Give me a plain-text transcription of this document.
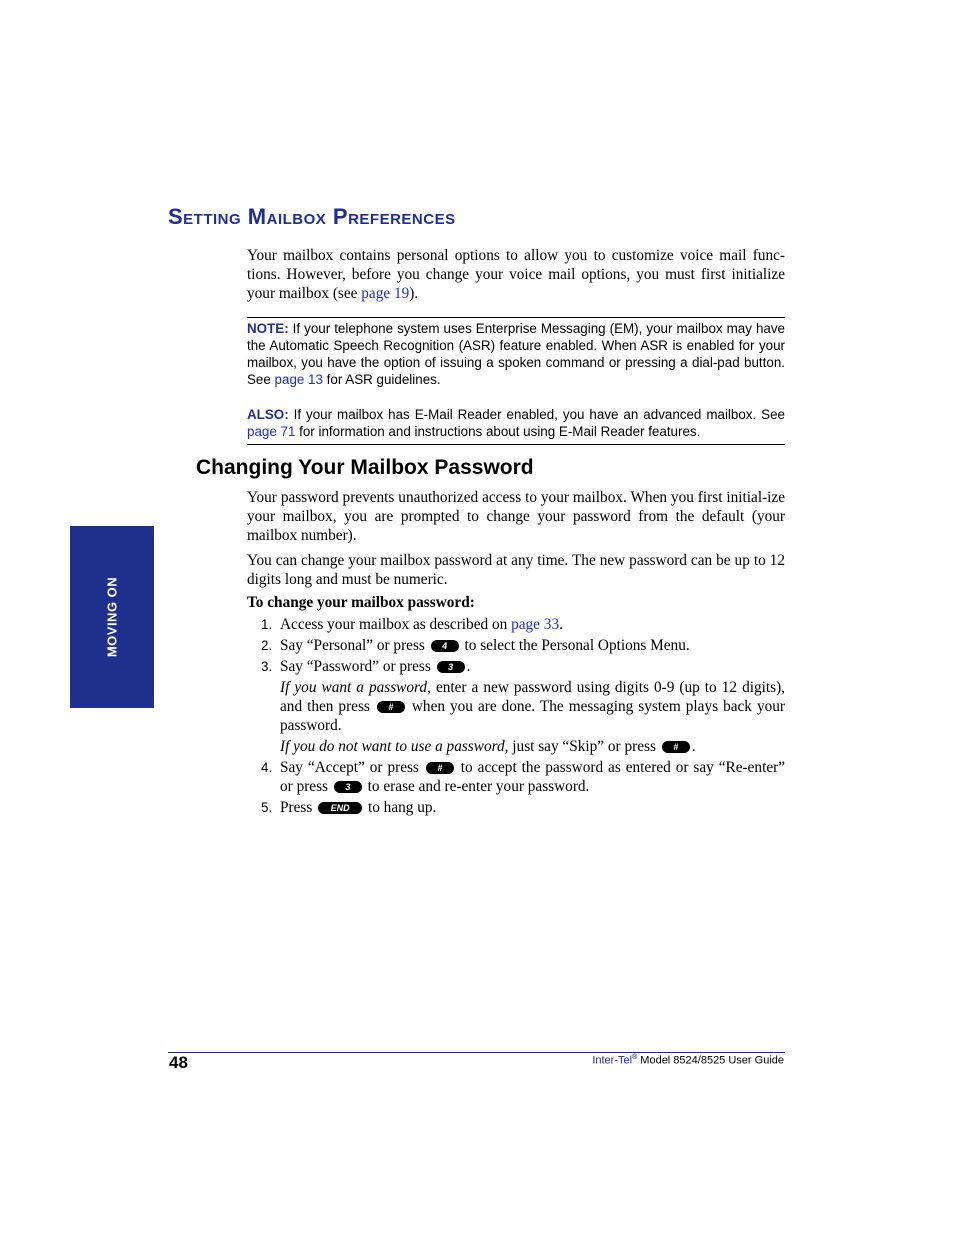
MOVING ON
Setting Mailbox Preferences

Your mailbox contains personal options to allow you to customize voice mail func-tions. However, before you change your voice mail options, you must first initialize your mailbox (see page 19).

NOTE: If your telephone system uses Enterprise Messaging (EM), your mailbox may have the Automatic Speech Recognition (ASR) feature enabled. When ASR is enabled for your mailbox, you have the option of issuing a spoken command or pressing a dial-pad button. See page 13 for ASR guidelines.

ALSO: If your mailbox has E-Mail Reader enabled, you have an advanced mailbox. See page 71 for information and instructions about using E-Mail Reader features.

Changing Your Mailbox Password

Your password prevents unauthorized access to your mailbox. When you first initial-ize your mailbox, you are prompted to change your password from the default (your mailbox number).

You can change your mailbox password at any time. The new password can be up to 12 digits long and must be numeric.

To change your mailbox password:

1. Access your mailbox as described on page 33.
2. Say “Personal” or press 4 to select the Personal Options Menu.
3. Say “Password” or press 3 .

If you want a password, enter a new password using digits 0-9 (up to 12 digits), and then press # when you are done. The messaging system plays back your password.

If you do not want to use a password, just say “Skip” or press # .

4. Say “Accept” or press # to accept the password as entered or say “Re-enter” or press 3 to erase and re-enter your password.
5. Press END to hang up.
48	Inter-Tel® Model 8524/8525 User Guide
